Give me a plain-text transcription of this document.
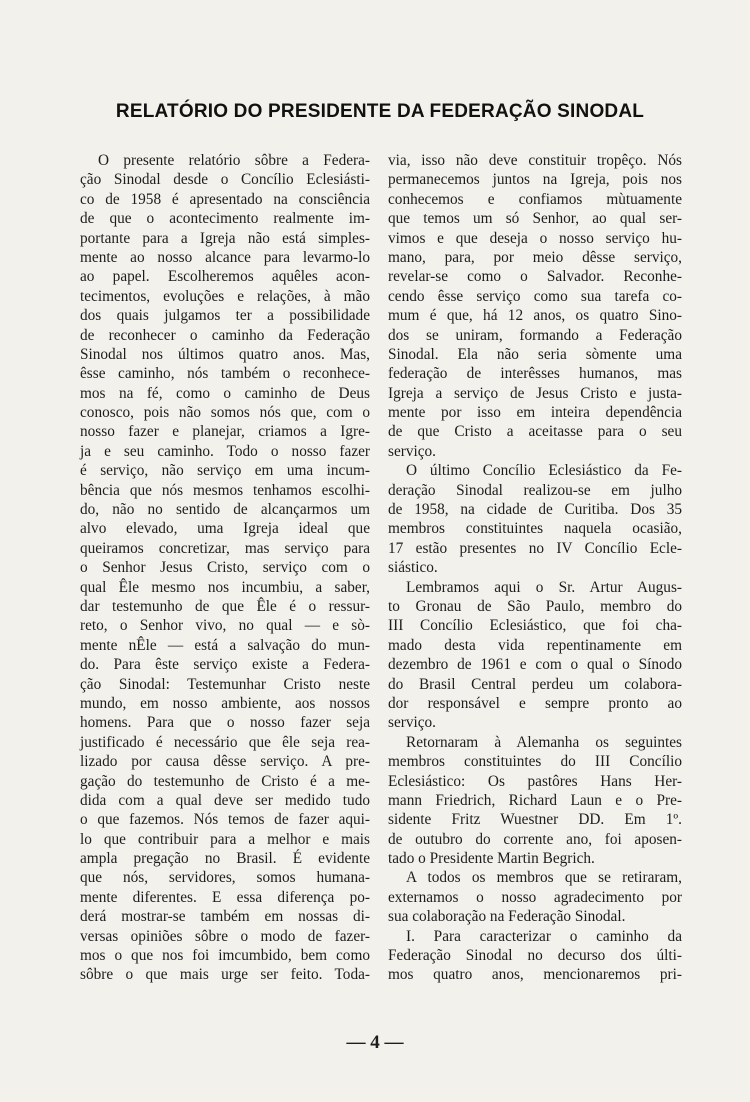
RELATÓRIO DO PRESIDENTE DA FEDERAÇÃO SINODAL
O presente relatório sôbre a Federa-
ção Sinodal desde o Concílio Eclesiásti-
co de 1958 é apresentado na consciência
de que o acontecimento realmente im-
portante para a Igreja não está simples-
mente ao nosso alcance para levarmo-lo
ao papel. Escolheremos aquêles acon-
tecimentos, evoluções e relações, à mão
dos quais julgamos ter a possibilidade
de reconhecer o caminho da Federação
Sinodal nos últimos quatro anos. Mas,
êsse caminho, nós também o reconhece-
mos na fé, como o caminho de Deus
conosco, pois não somos nós que, com o
nosso fazer e planejar, criamos a Igre-
ja e seu caminho. Todo o nosso fazer
é serviço, não serviço em uma incum-
bência que nós mesmos tenhamos escolhi-
do, não no sentido de alcançarmos um
alvo elevado, uma Igreja ideal que
queiramos concretizar, mas serviço para
o Senhor Jesus Cristo, serviço com o
qual Êle mesmo nos incumbiu, a saber,
dar testemunho de que Êle é o ressur-
reto, o Senhor vivo, no qual — e sò-
mente nÊle — está a salvação do mun-
do. Para êste serviço existe a Federa-
ção Sinodal: Testemunhar Cristo neste
mundo, em nosso ambiente, aos nossos
homens. Para que o nosso fazer seja
justificado é necessário que êle seja rea-
lizado por causa dêsse serviço. A pre-
gação do testemunho de Cristo é a me-
dida com a qual deve ser medido tudo
o que fazemos. Nós temos de fazer aqui-
lo que contribuir para a melhor e mais
ampla pregação no Brasil. É evidente
que nós, servidores, somos humana-
mente diferentes. E essa diferença po-
derá mostrar-se também em nossas di-
versas opiniões sôbre o modo de fazer-
mos o que nos foi imcumbido, bem como
sôbre o que mais urge ser feito. Toda-
via, isso não deve constituir tropêço. Nós
permanecemos juntos na Igreja, pois nos
conhecemos e confiamos mùtuamente
que temos um só Senhor, ao qual ser-
vimos e que deseja o nosso serviço hu-
mano, para, por meio dêsse serviço,
revelar-se como o Salvador. Reconhe-
cendo êsse serviço como sua tarefa co-
mum é que, há 12 anos, os quatro Sino-
dos se uniram, formando a Federação
Sinodal. Ela não seria sòmente uma
federação de interêsses humanos, mas
Igreja a serviço de Jesus Cristo e justa-
mente por isso em inteira dependência
de que Cristo a aceitasse para o seu
serviço.
O último Concílio Eclesiástico da Fe-
deração Sinodal realizou-se em julho
de 1958, na cidade de Curitiba. Dos 35
membros constituintes naquela ocasião,
17 estão presentes no IV Concílio Ecle-
siástico.
Lembramos aqui o Sr. Artur Augus-
to Gronau de São Paulo, membro do
III Concílio Eclesiástico, que foi cha-
mado desta vida repentinamente em
dezembro de 1961 e com o qual o Sínodo
do Brasil Central perdeu um colabora-
dor responsável e sempre pronto ao
serviço.
Retornaram à Alemanha os seguintes
membros constituintes do III Concílio
Eclesiástico: Os pastôres Hans Her-
mann Friedrich, Richard Laun e o Pre-
sidente Fritz Wuestner DD. Em 1º.
de outubro do corrente ano, foi aposen-
tado o Presidente Martin Begrich.
A todos os membros que se retiraram,
externamos o nosso agradecimento por
sua colaboração na Federação Sinodal.
I. Para caracterizar o caminho da
Federação Sinodal no decurso dos últi-
mos quatro anos, mencionaremos pri-
— 4 —
